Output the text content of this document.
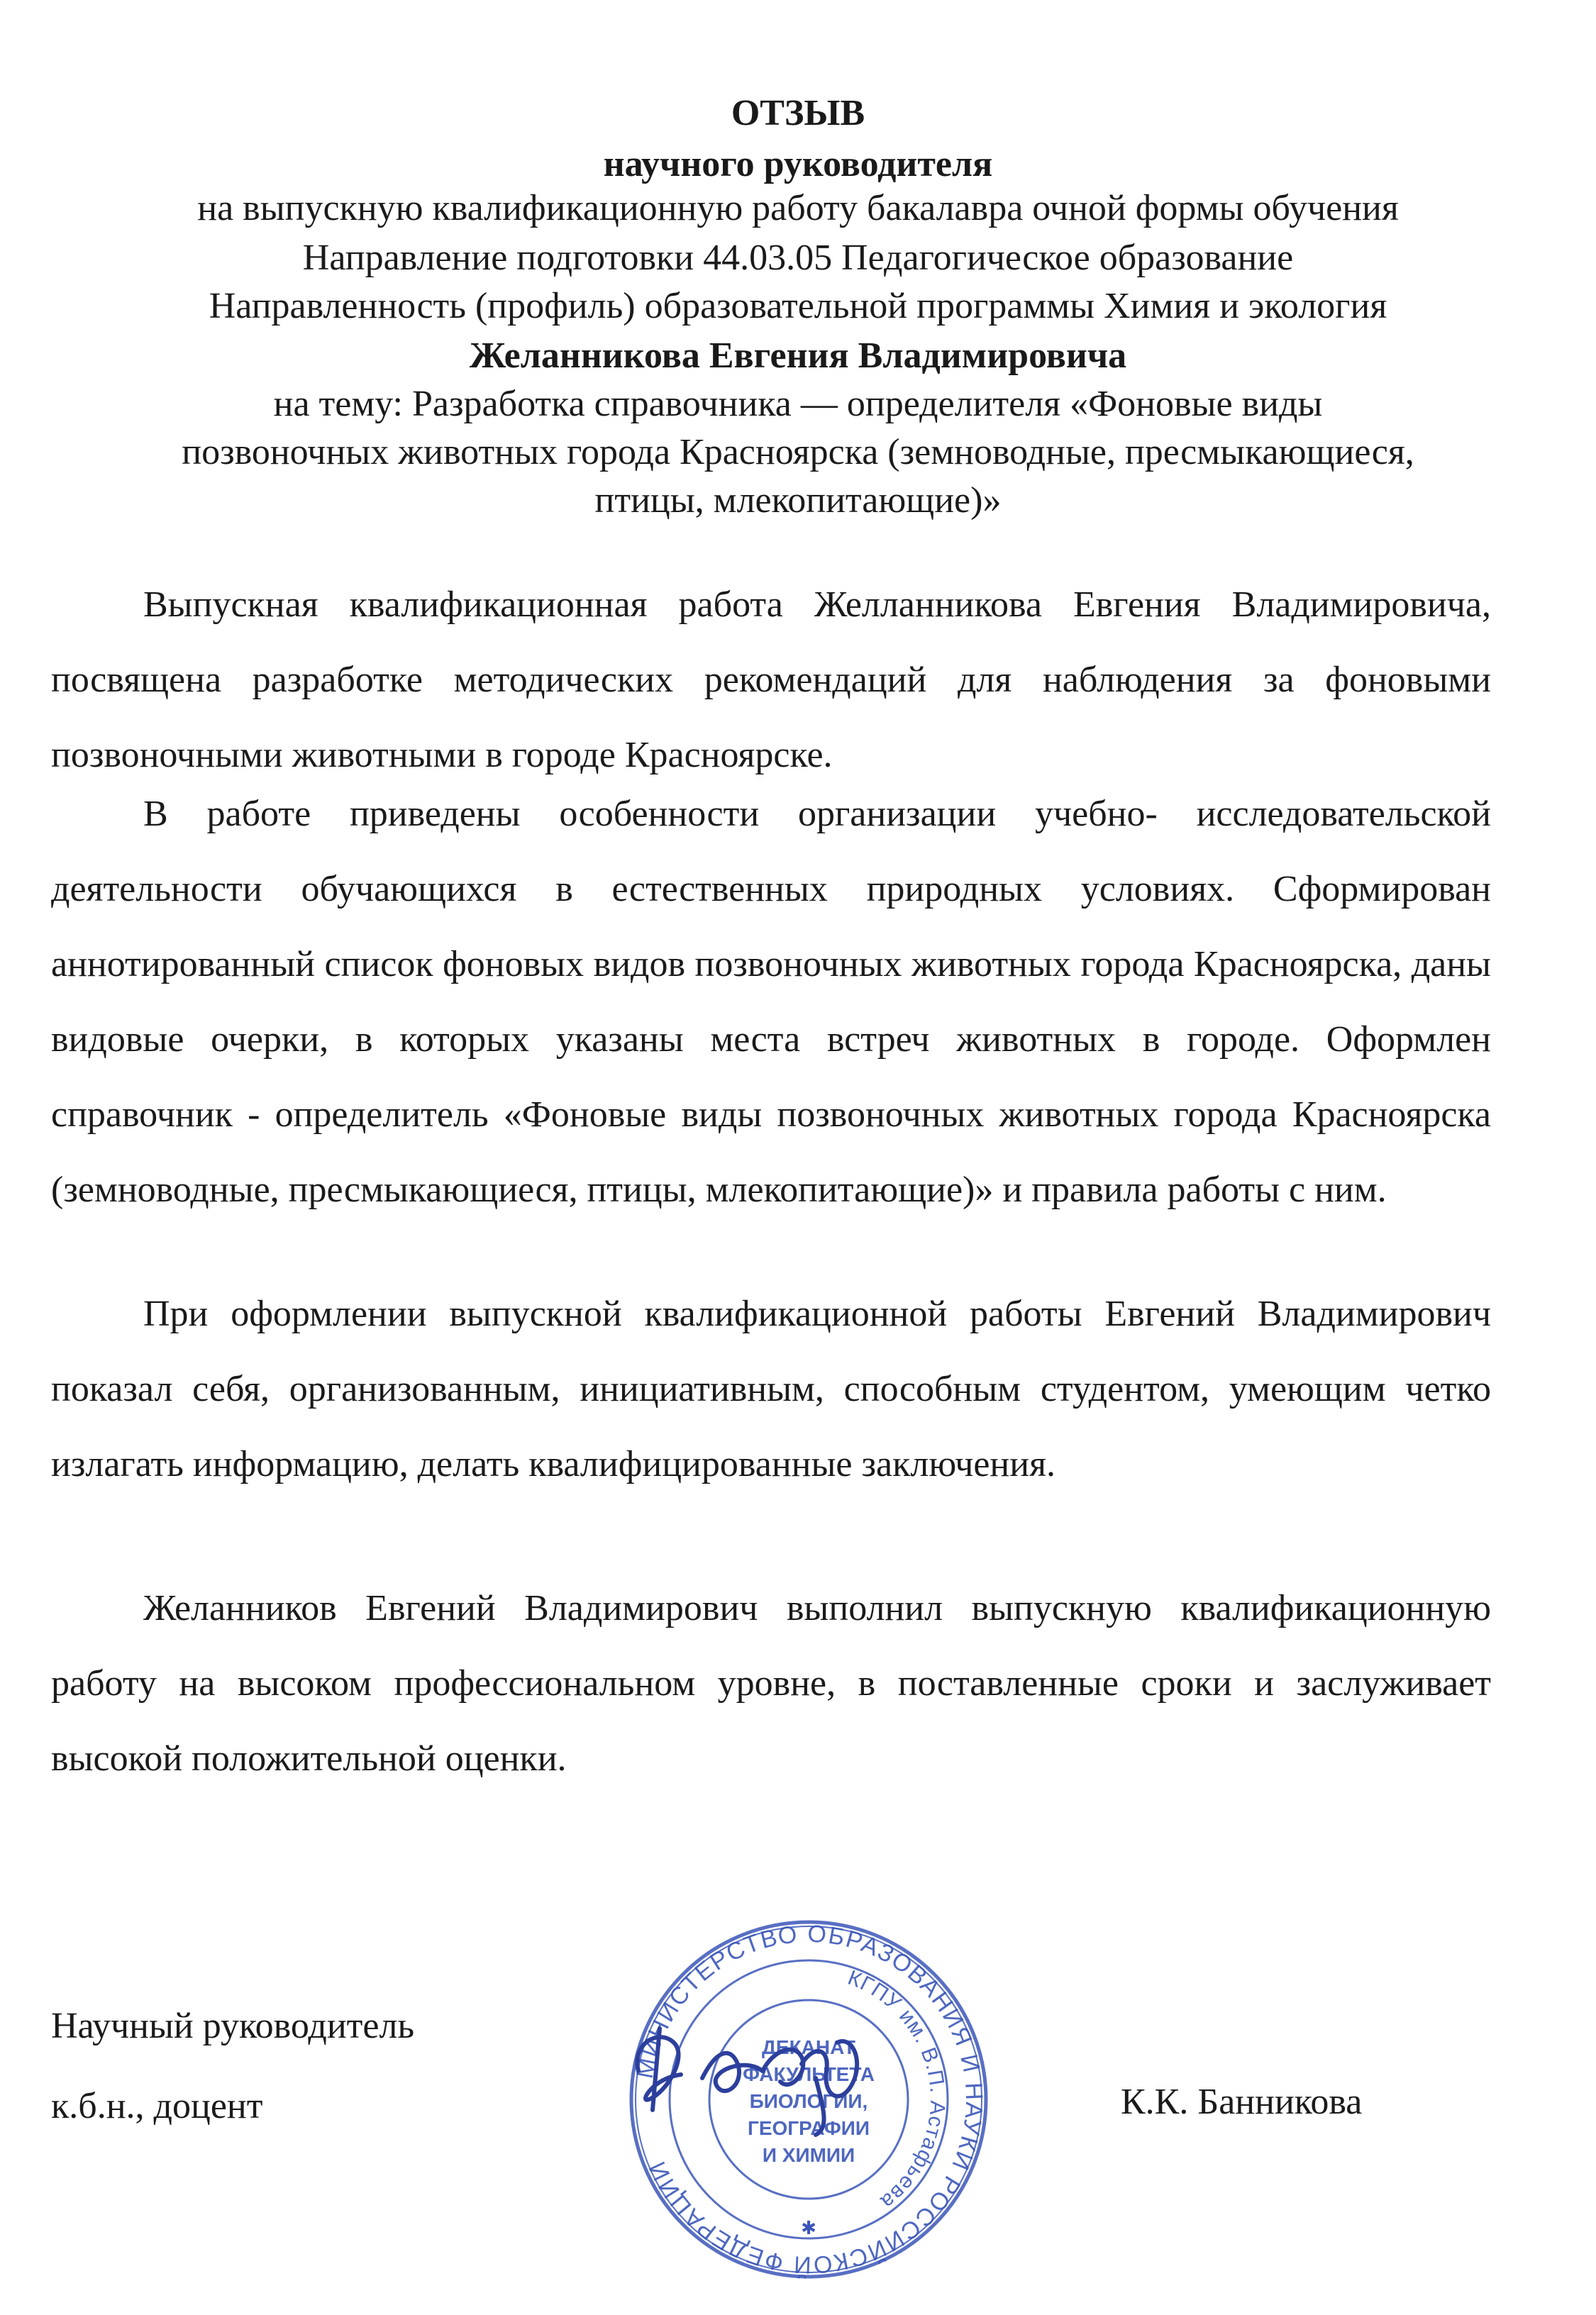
ОТЗЫВ
научного руководителя
на выпускную квалификационную работу бакалавра очной формы обучения
Направление подготовки 44.03.05 Педагогическое образование
Направленность (профиль) образовательной программы Химия и экология
Желанникова Евгения Владимировича
на тему: Разработка справочника — определителя «Фоновые виды
позвоночных животных города Красноярска (земноводные, пресмыкающиеся,
птицы, млекопитающие)»

Выпускная квалификационная работа Желланникова Евгения Владимировича, посвящена разработке методических рекомендаций для наблюдения за фоновыми позвоночными животными в городе Красноярске.

В работе приведены особенности организации учебно- исследовательской деятельности обучающихся в естественных природных условиях. Сформирован аннотированный список фоновых видов позвоночных животных города Красноярска, даны видовые очерки, в которых указаны места встреч животных в городе. Оформлен справочник - определитель «Фоновые виды позвоночных животных города Красноярска (земноводные, пресмыкающиеся, птицы, млекопитающие)» и правила работы с ним.

При оформлении выпускной квалификационной работы Евгений Владимирович показал себя, организованным, инициативным, способным студентом, умеющим четко излагать информацию, делать квалифицированные заключения.

Желанников Евгений Владимирович выполнил выпускную квалификационную работу на высоком профессиональном уровне, в поставленные сроки и заслуживает высокой положительной оценки.

Научный руководитель
к.б.н., доцент	К.К. Банникова
МИНИСТЕРСТВО ОБРАЗОВАНИЯ И НАУКИ РОССИЙСКОЙ ФЕДЕРАЦИИ
КГПУ им. В.П. Астафьева
ДЕКАНАТ
ФАКУЛЬТЕТА
БИОЛОГИИ,
ГЕОГРАФИИ
И ХИМИИ
✱
